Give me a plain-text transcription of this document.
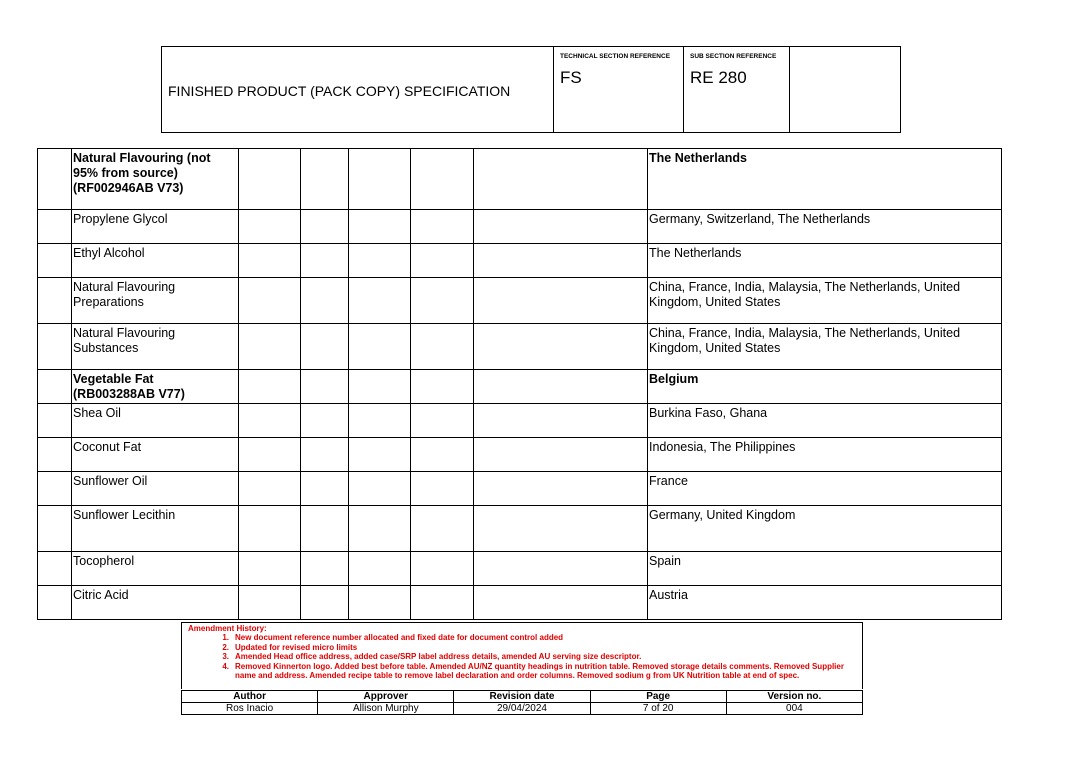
FINISHED PRODUCT (PACK COPY) SPECIFICATION

TECHNICAL SECTION REFERENCE
FS

SUB SECTION REFERENCE
RE 280

	Natural Flavouring (not 95% from source) (RF002946AB V73)						The Netherlands
	Propylene Glycol						Germany, Switzerland, The Netherlands
	Ethyl Alcohol						The Netherlands
	Natural Flavouring Preparations						China, France, India, Malaysia, The Netherlands, United Kingdom, United States
	Natural Flavouring Substances						China, France, India, Malaysia, The Netherlands, United Kingdom, United States
	Vegetable Fat (RB003288AB V77)						Belgium
	Shea Oil						Burkina Faso, Ghana
	Coconut Fat						Indonesia, The Philippines
	Sunflower Oil						France
	Sunflower Lecithin						Germany, United Kingdom
	Tocopherol						Spain
	Citric Acid						Austria
Amendment History:
1. New document reference number allocated and fixed date for document control added
2. Updated for revised micro limits
3. Amended Head office address, added case/SRP label address details, amended AU serving size descriptor.
4. Removed Kinnerton logo. Added best before table. Amended AU/NZ quantity headings in nutrition table. Removed storage details comments. Removed Supplier name and address. Amended recipe table to remove label declaration and order columns. Removed sodium g from UK Nutrition table at end of spec.
Author	Approver	Revision date	Page	Version no.
Ros Inacio	Allison Murphy	29/04/2024	7 of 20	004
